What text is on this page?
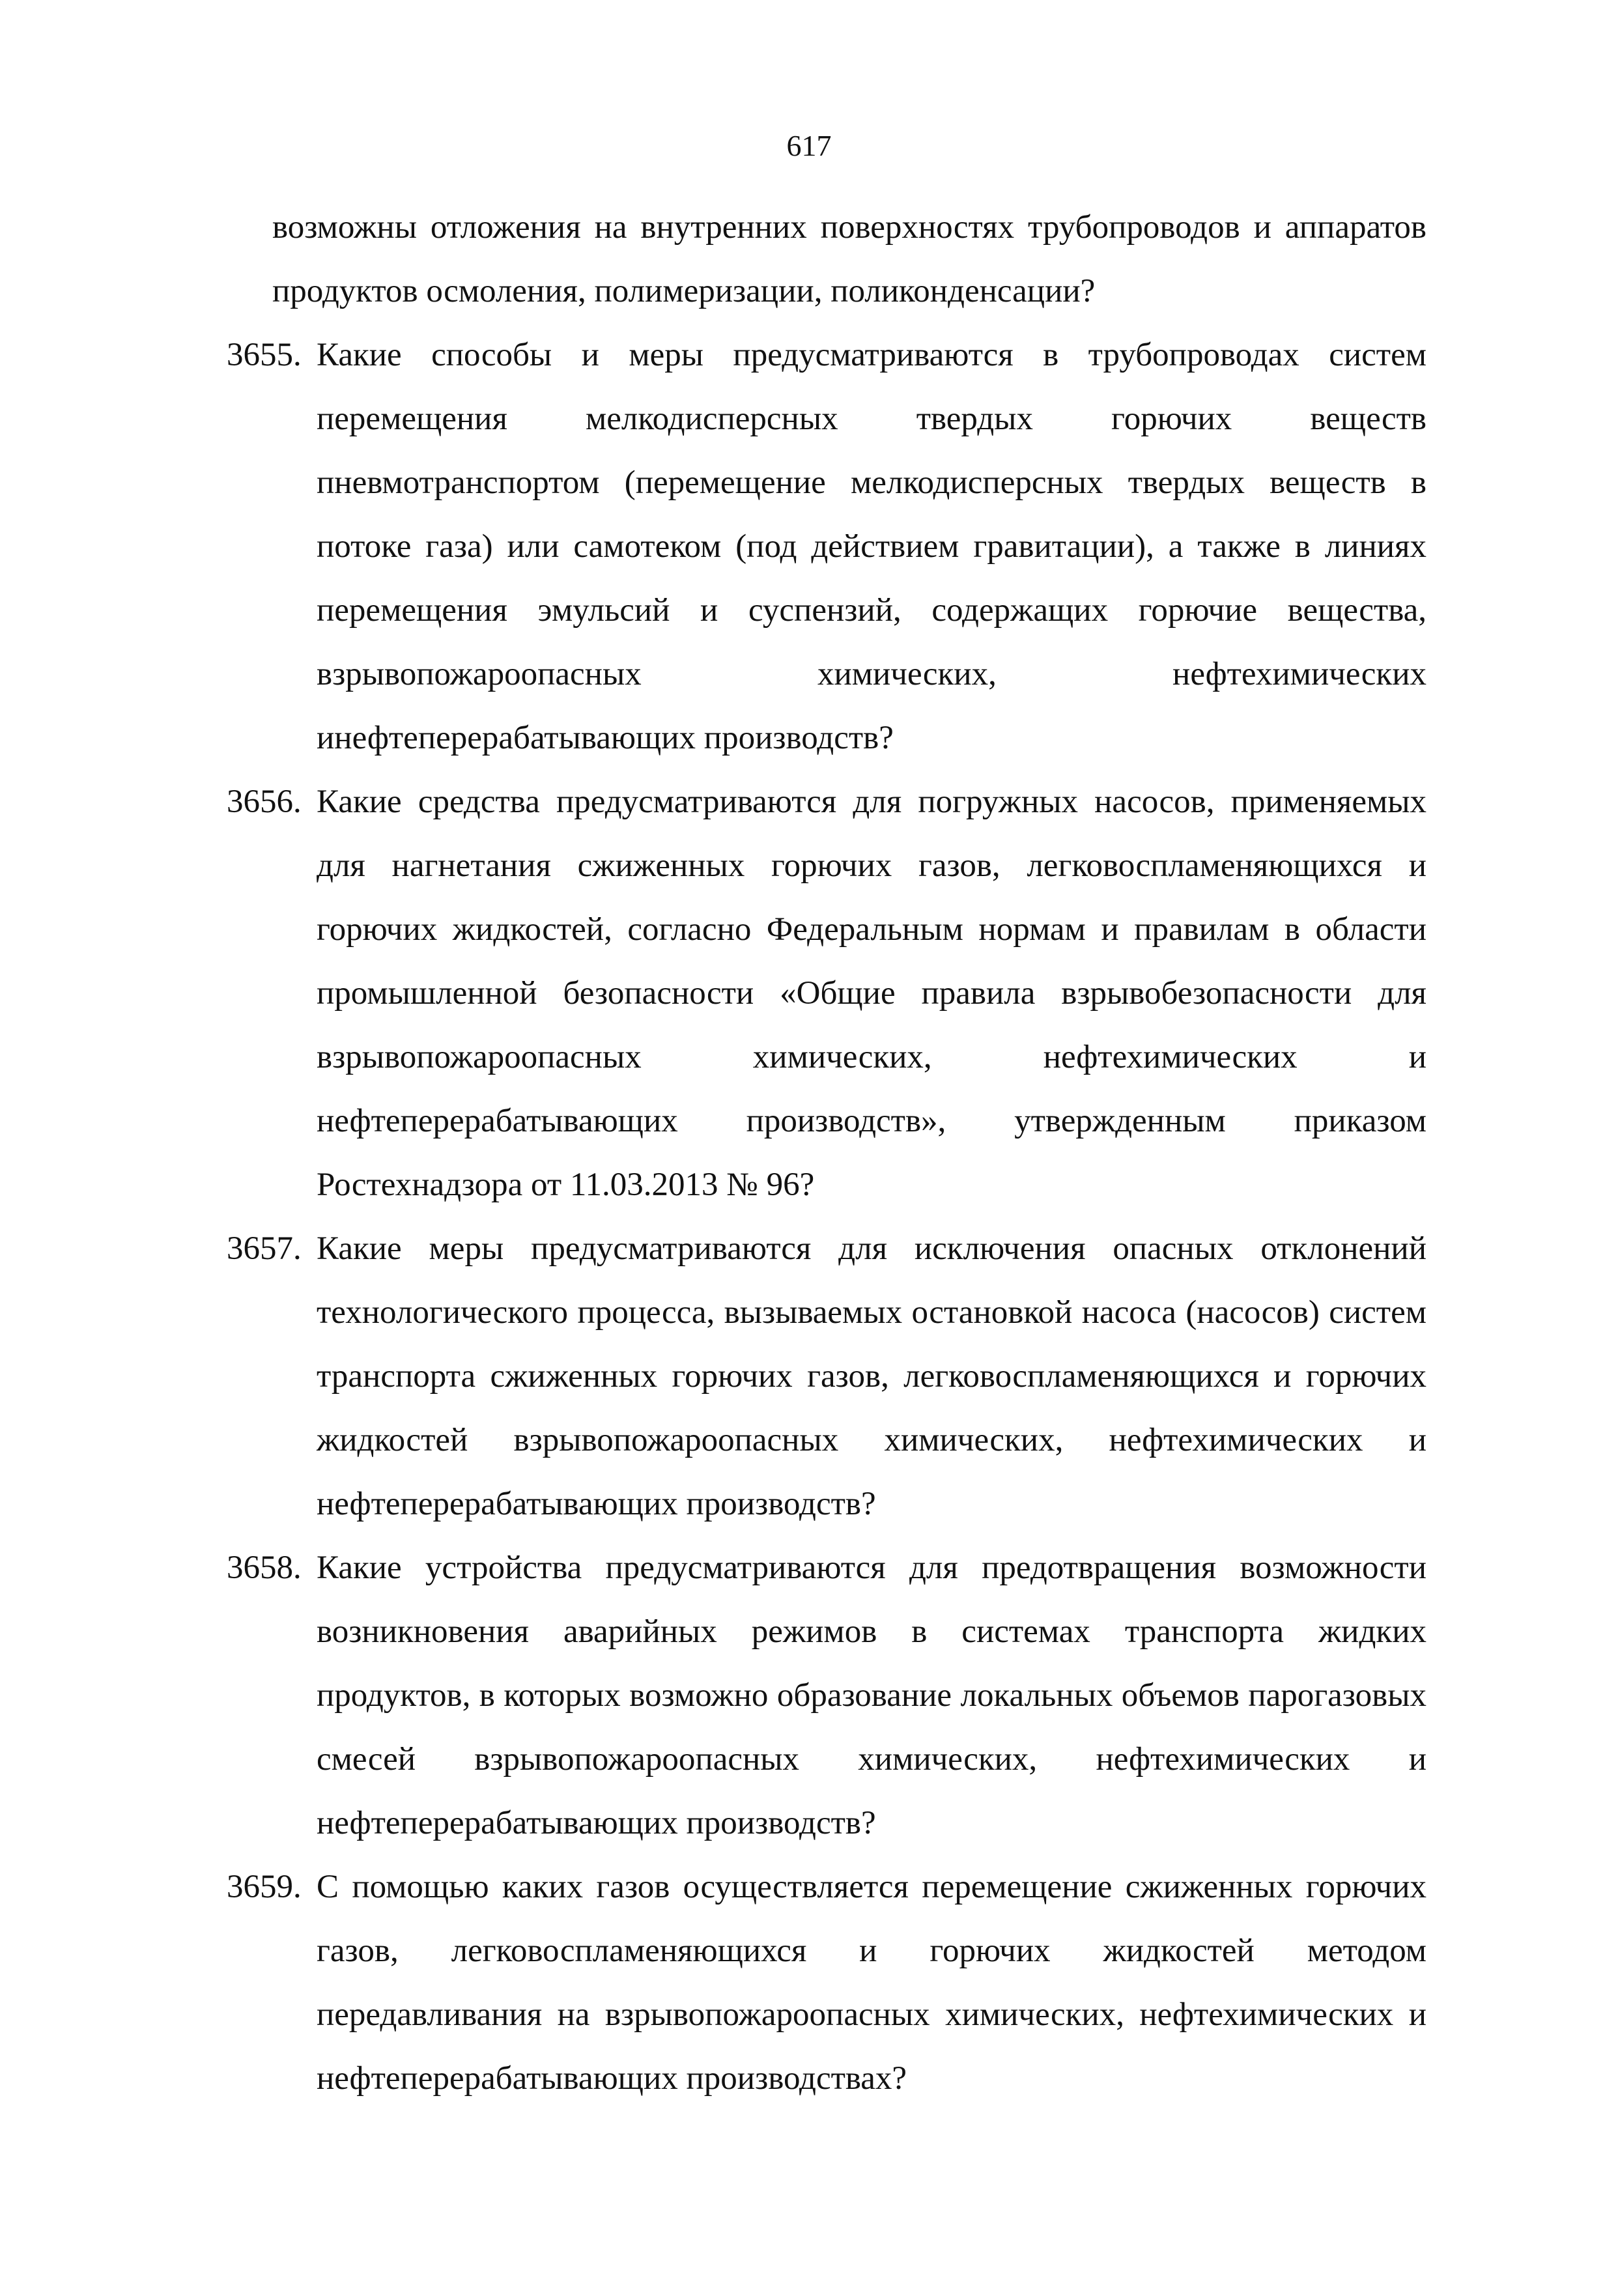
617
возможны отложения на внутренних поверхностях трубопроводов и аппаратов продуктов осмоления, полимеризации, поликонденсации?
3655. Какие способы и меры предусматриваются в трубопроводах систем перемещения мелкодисперсных твердых горючих веществ пневмотранспортом (перемещение мелкодисперсных твердых веществ в потоке газа) или самотеком (под действием гравитации), а также в линиях перемещения эмульсий и суспензий, содержащих горючие вещества, взрывопожароопасных химических, нефтехимических инефтеперерабатывающих производств?
3656. Какие средства предусматриваются для погружных насосов, применяемых для нагнетания сжиженных горючих газов, легковоспламеняющихся и горючих жидкостей, согласно Федеральным нормам и правилам в области промышленной безопасности «Общие правила взрывобезопасности для взрывопожароопасных химических, нефтехимических и нефтеперерабатывающих производств», утвержденным приказом Ростехнадзора от 11.03.2013 № 96?
3657. Какие меры предусматриваются для исключения опасных отклонений технологического процесса, вызываемых остановкой насоса (насосов) систем транспорта сжиженных горючих газов, легковоспламеняющихся и горючих жидкостей взрывопожароопасных химических, нефтехимических и нефтеперерабатывающих производств?
3658. Какие устройства предусматриваются для предотвращения возможности возникновения аварийных режимов в системах транспорта жидких продуктов, в которых возможно образование локальных объемов парогазовых смесей взрывопожароопасных химических, нефтехимических и нефтеперерабатывающих производств?
3659. С помощью каких газов осуществляется перемещение сжиженных горючих газов, легковоспламеняющихся и горючих жидкостей методом передавливания на взрывопожароопасных химических, нефтехимических и нефтеперерабатывающих производствах?
